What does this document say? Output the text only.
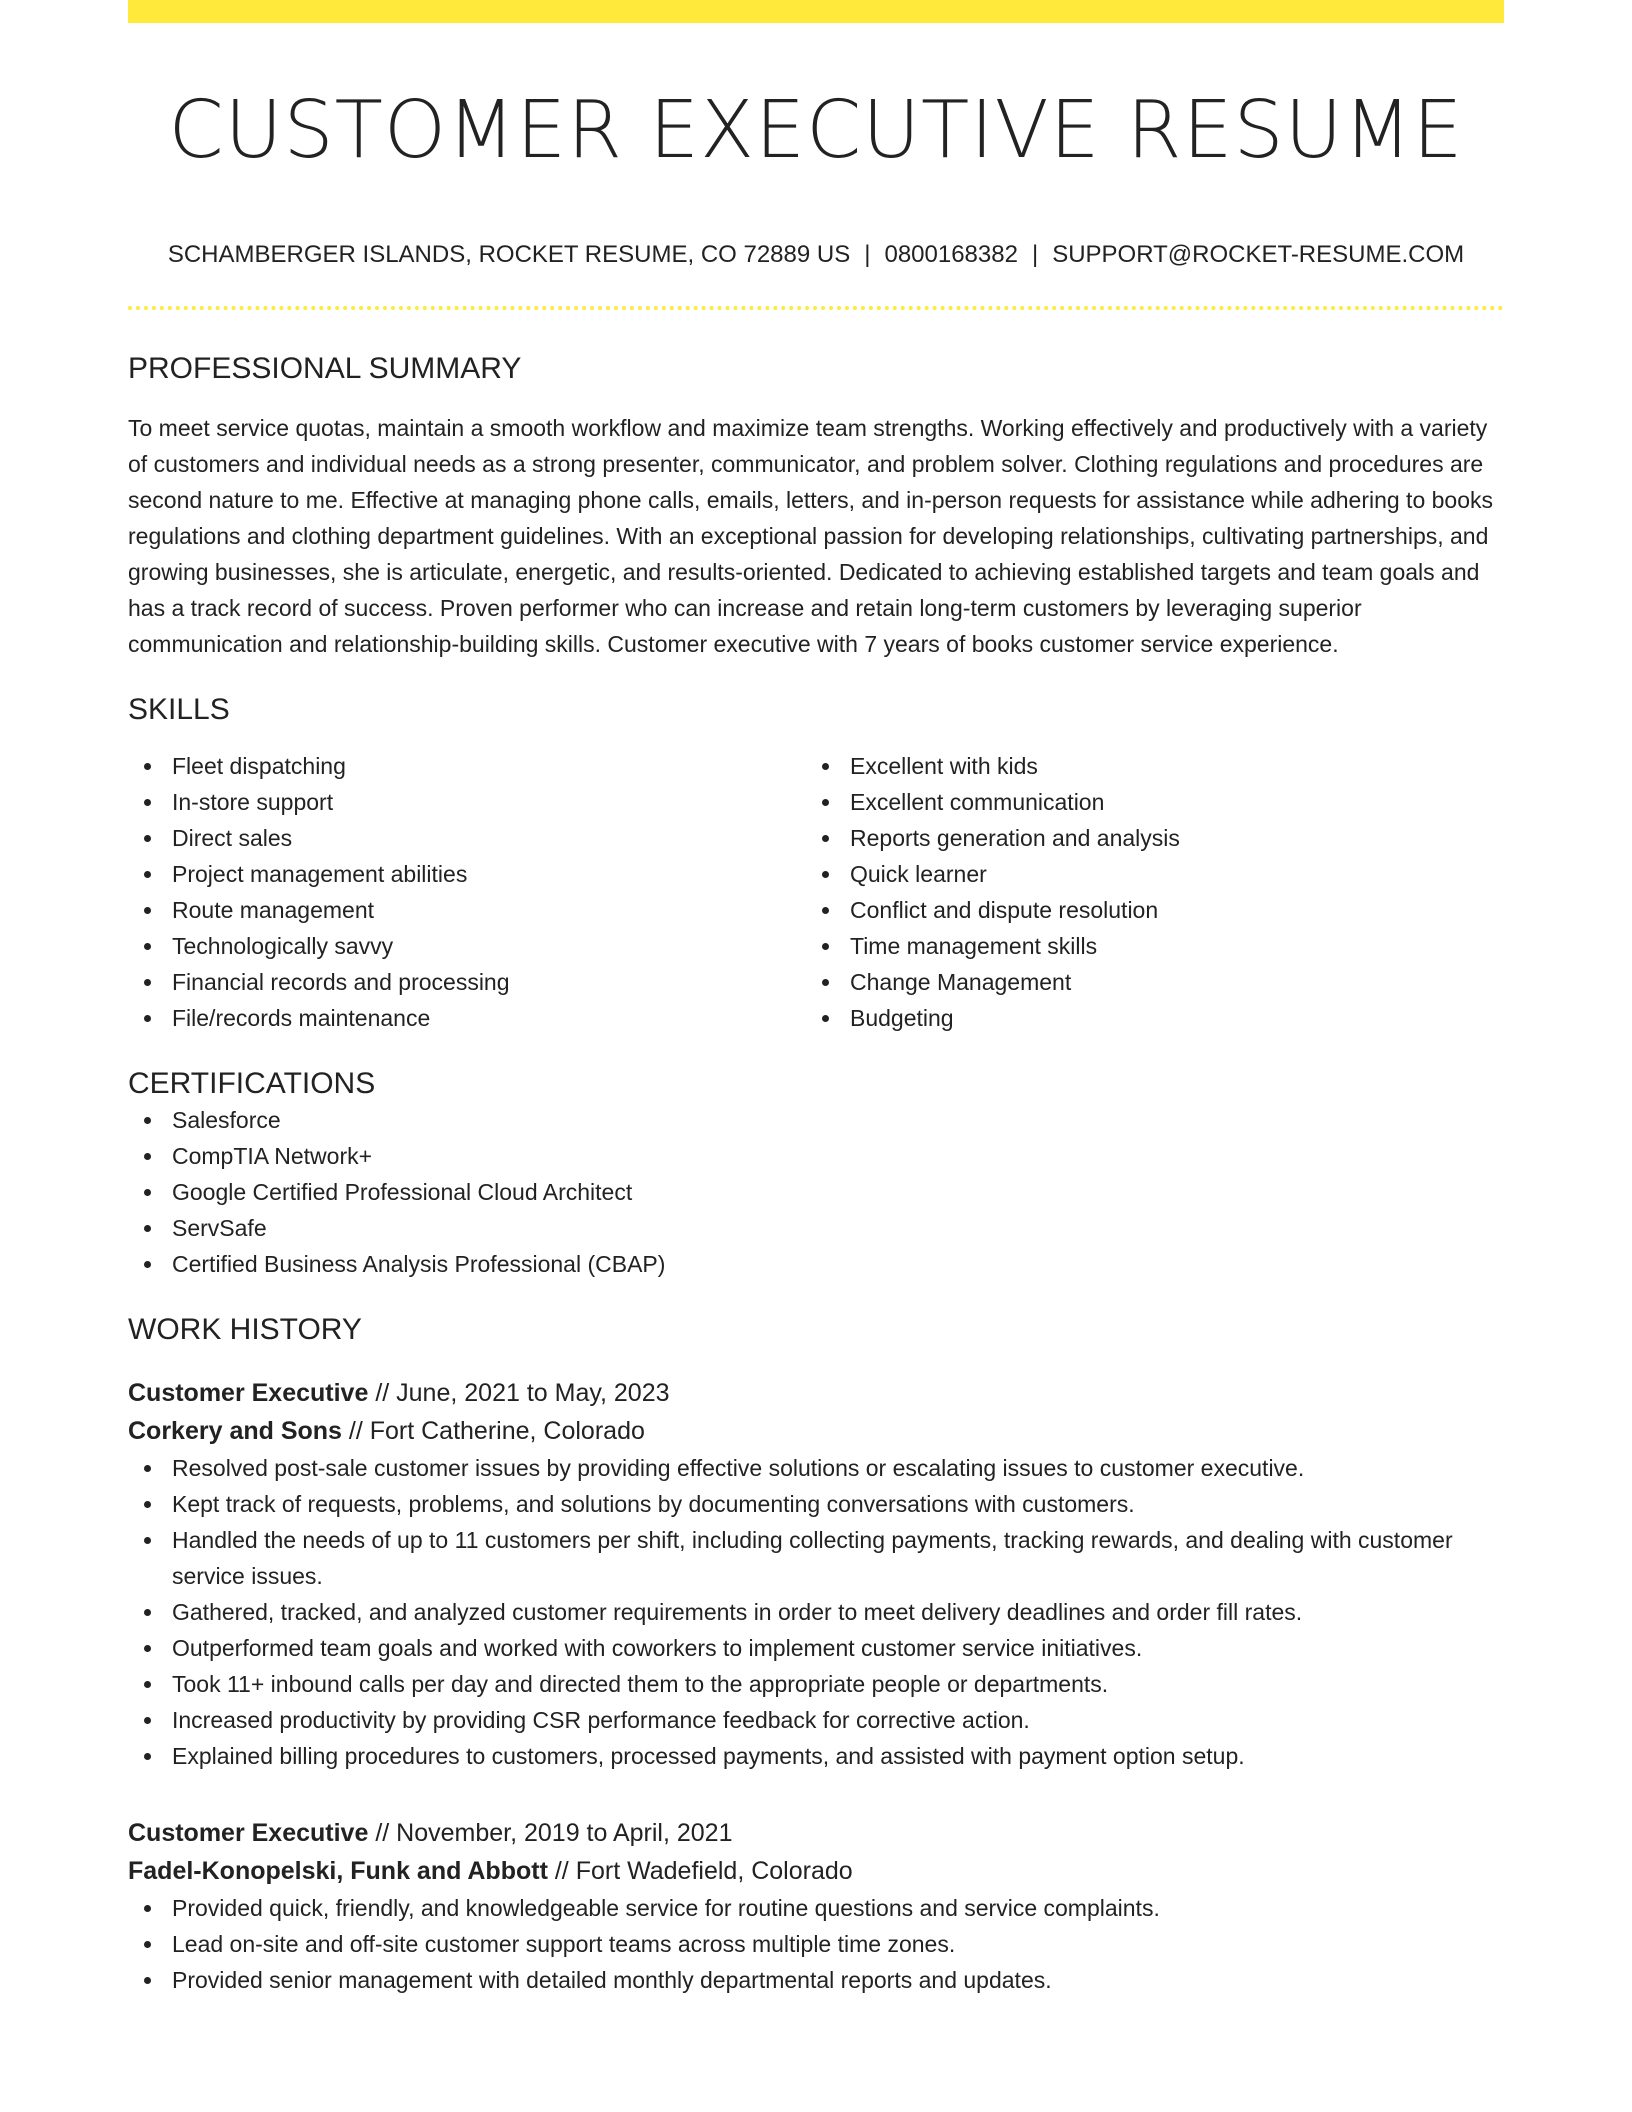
CUSTOMER EXECUTIVE RESUME
SCHAMBERGER ISLANDS, ROCKET RESUME, CO 72889 US | 0800168382 | SUPPORT@ROCKET-RESUME.COM
PROFESSIONAL SUMMARY

To meet service quotas, maintain a smooth workflow and maximize team strengths. Working effectively and productively with a variety of customers and individual needs as a strong presenter, communicator, and problem solver. Clothing regulations and procedures are second nature to me. Effective at managing phone calls, emails, letters, and in-person requests for assistance while adhering to books regulations and clothing department guidelines. With an exceptional passion for developing relationships, cultivating partnerships, and growing businesses, she is articulate, energetic, and results-oriented. Dedicated to achieving established targets and team goals and has a track record of success. Proven performer who can increase and retain long-term customers by leveraging superior communication and relationship-building skills. Customer executive with 7 years of books customer service experience.

SKILLS
Fleet dispatching
In-store support
Direct sales
Project management abilities
Route management
Technologically savvy
Financial records and processing
File/records maintenance
Excellent with kids
Excellent communication
Reports generation and analysis
Quick learner
Conflict and dispute resolution
Time management skills
Change Management
Budgeting
CERTIFICATIONS
Salesforce
CompTIA Network+
Google Certified Professional Cloud Architect
ServSafe
Certified Business Analysis Professional (CBAP)
WORK HISTORY
Customer Executive // June, 2021 to May, 2023
Corkery and Sons // Fort Catherine, Colorado
Resolved post-sale customer issues by providing effective solutions or escalating issues to customer executive.
Kept track of requests, problems, and solutions by documenting conversations with customers.
Handled the needs of up to 11 customers per shift, including collecting payments, tracking rewards, and dealing with customer service issues.
Gathered, tracked, and analyzed customer requirements in order to meet delivery deadlines and order fill rates.
Outperformed team goals and worked with coworkers to implement customer service initiatives.
Took 11+ inbound calls per day and directed them to the appropriate people or departments.
Increased productivity by providing CSR performance feedback for corrective action.
Explained billing procedures to customers, processed payments, and assisted with payment option setup.
Customer Executive // November, 2019 to April, 2021
Fadel-Konopelski, Funk and Abbott // Fort Wadefield, Colorado
Provided quick, friendly, and knowledgeable service for routine questions and service complaints.
Lead on-site and off-site customer support teams across multiple time zones.
Provided senior management with detailed monthly departmental reports and updates.
